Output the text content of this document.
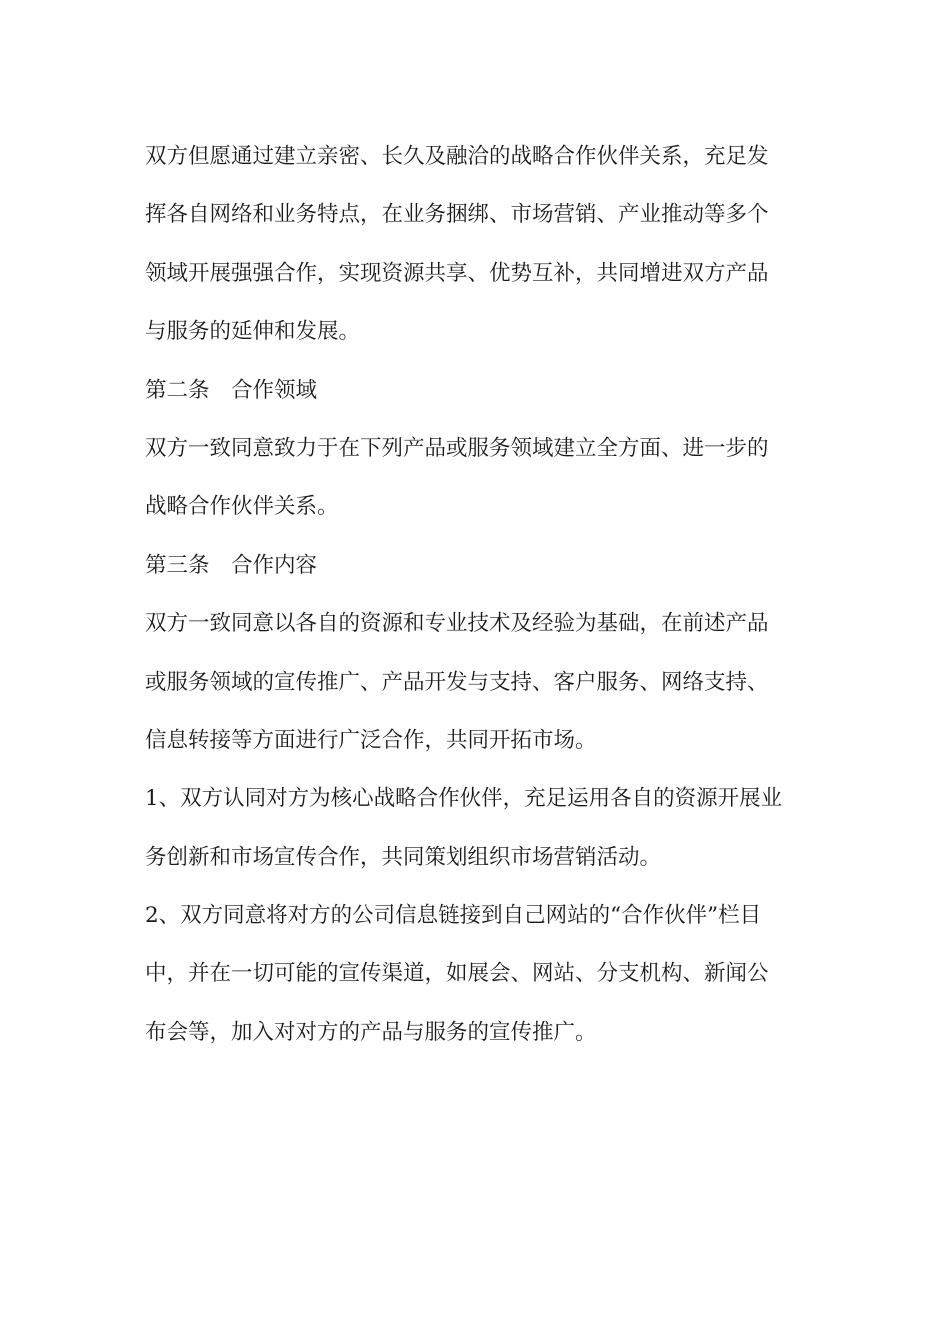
双方但愿通过建立亲密、长久及融洽的战略合作伙伴关系，充足发
挥各自网络和业务特点，在业务捆绑、市场营销、产业推动等多个
领域开展强强合作，实现资源共享、优势互补，共同增进双方产品
与服务的延伸和发展。
第二条　合作领域
双方一致同意致力于在下列产品或服务领域建立全方面、进一步的
战略合作伙伴关系。
第三条　合作内容
双方一致同意以各自的资源和专业技术及经验为基础，在前述产品
或服务领域的宣传推广、产品开发与支持、客户服务、网络支持、
信息转接等方面进行广泛合作，共同开拓市场。
1、双方认同对方为核心战略合作伙伴，充足运用各自的资源开展业
务创新和市场宣传合作，共同策划组织市场营销活动。
2、双方同意将对方的公司信息链接到自己网站的“合作伙伴”栏目
中，并在一切可能的宣传渠道，如展会、网站、分支机构、新闻公
布会等，加入对对方的产品与服务的宣传推广。
